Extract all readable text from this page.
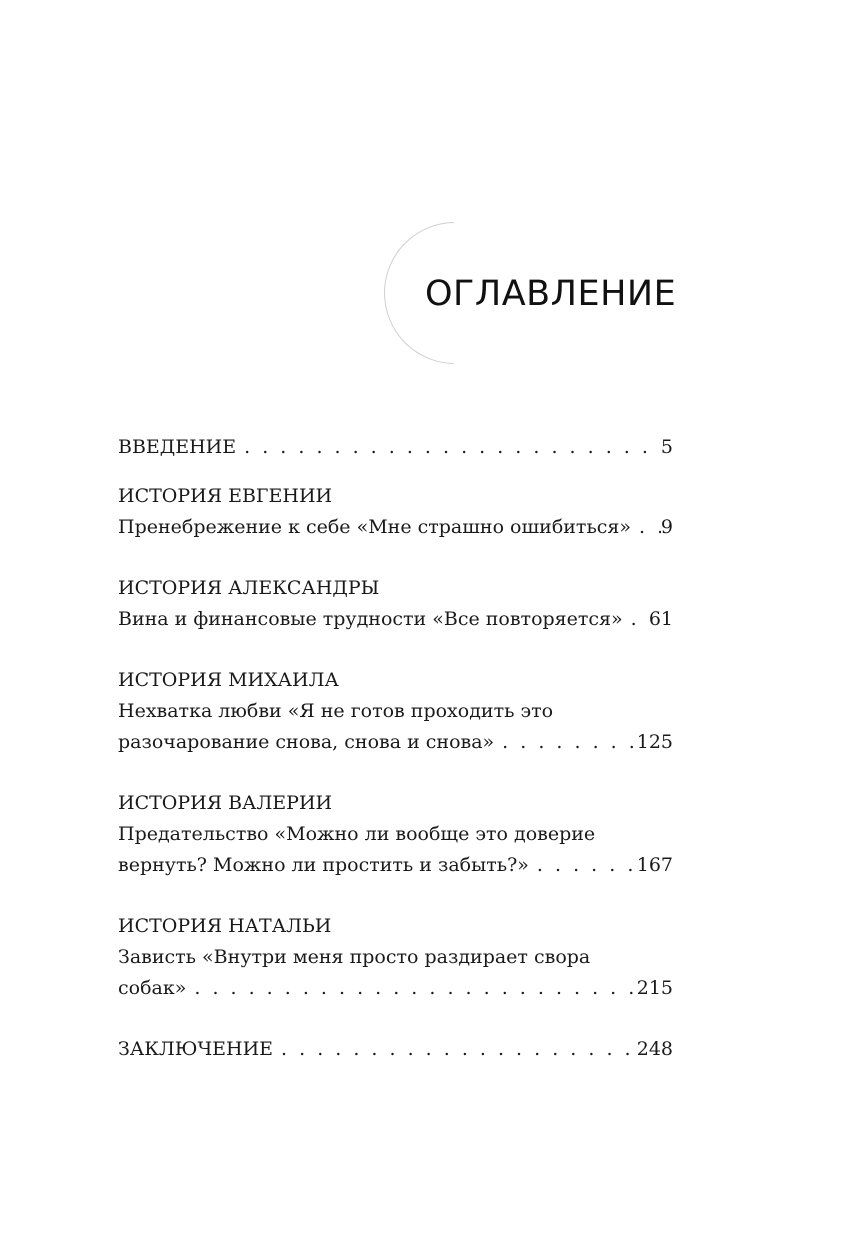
ОГЛАВЛЕНИЕ
ВВЕДЕНИЕ . . .	5
ИСТОРИЯ ЕВГЕНИИ
Пренебрежение к себе «Мне страшно ошибиться» . . . 9
ИСТОРИЯ АЛЕКСАНДРЫ
Вина и финансовые трудности «Все повторяется» . . . 61
ИСТОРИЯ МИХАИЛА
Нехватка любви «Я не готов проходить это
разочарование снова, снова и снова» . . .	125
ИСТОРИЯ ВАЛЕРИИ
Предательство «Можно ли вообще это доверие
вернуть? Можно ли простить и забыть?» . . .	167
ИСТОРИЯ НАТАЛЬИ
Зависть «Внутри меня просто раздирает свора
собак» . . .	215
ЗАКЛЮЧЕНИЕ . . .	248
